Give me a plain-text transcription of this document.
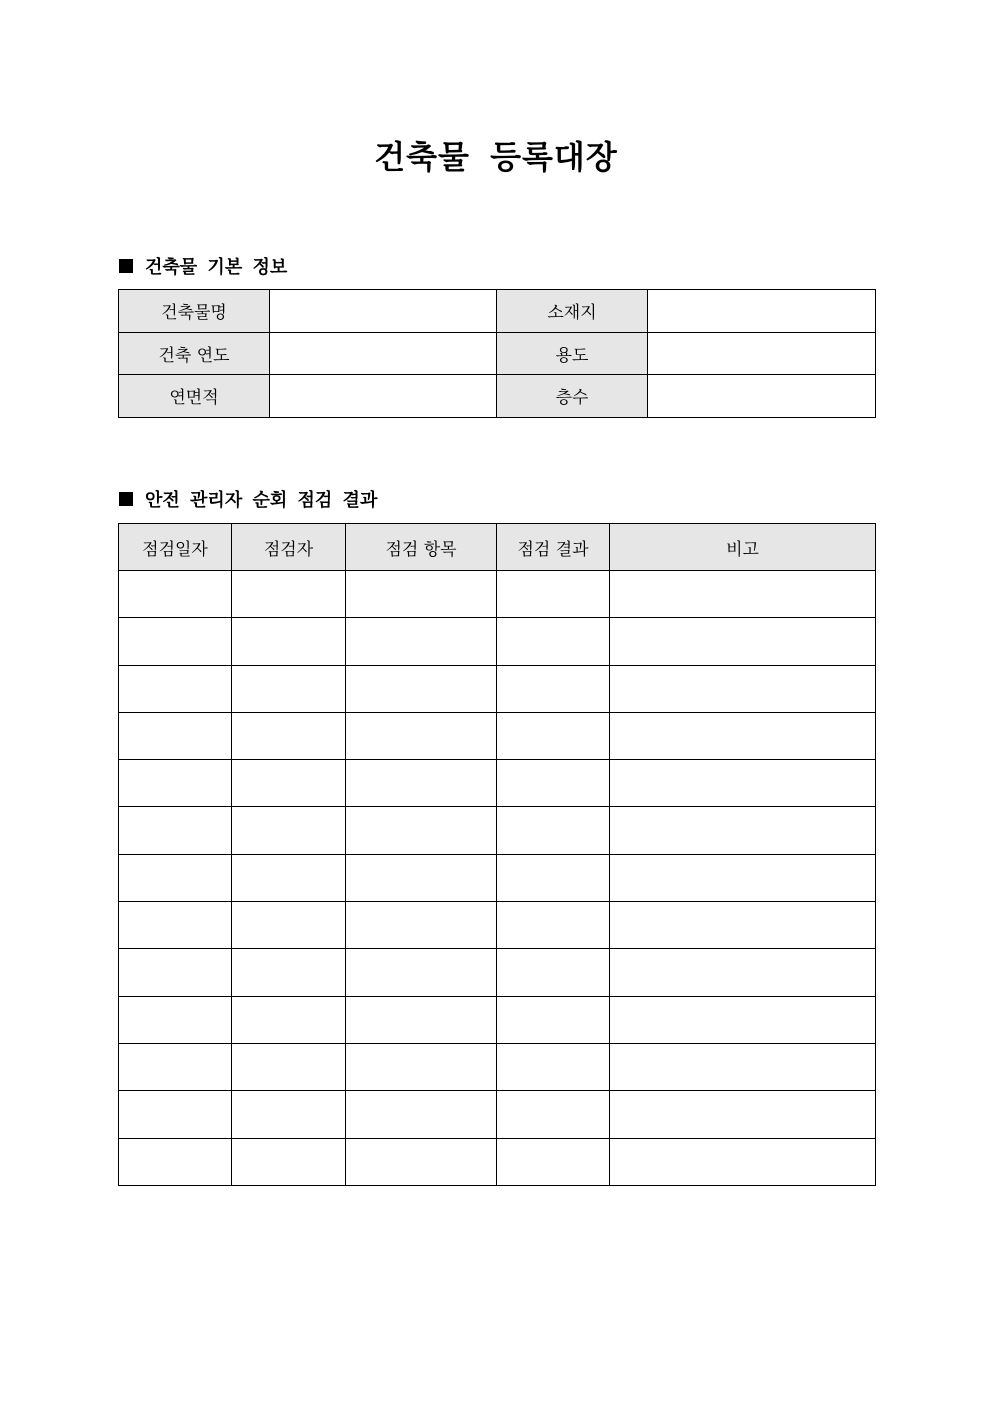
건축물 등록대장
건축물 기본 정보
건축물명		소재지	
건축 연도		용도	
연면적		층수	
안전 관리자 순회 점검 결과
점검일자	점검자	점검 항목	점검 결과	비고
